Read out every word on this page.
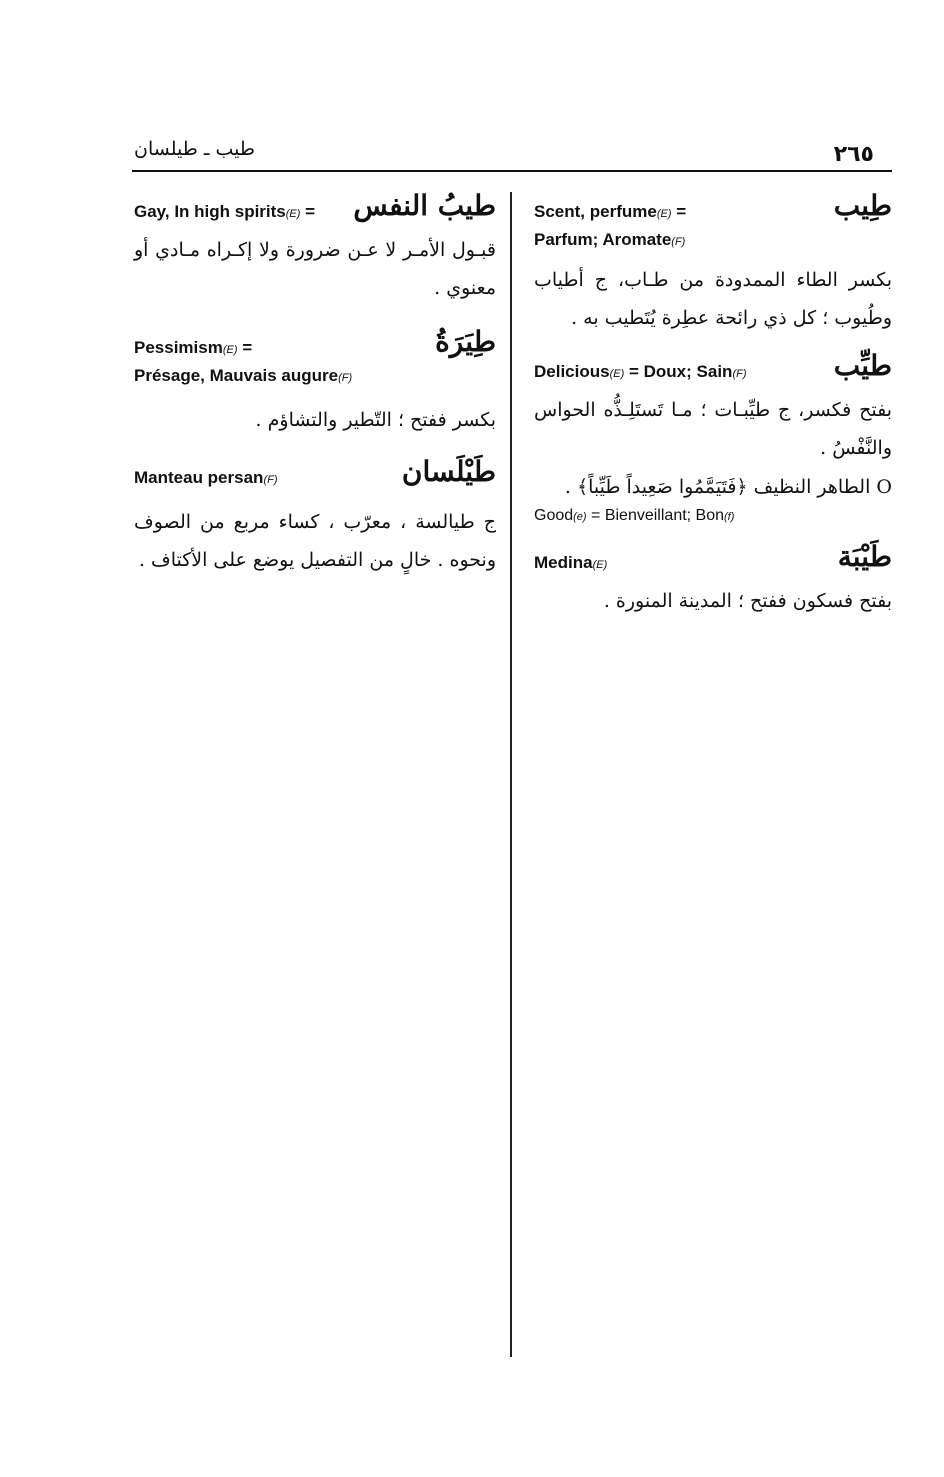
طيب ـ طيلسان	٢٦٥
طِيب
Scent, perfume(E) =
Parfum; Aromate(F)
بكسر الطاء الممدودة من طـاب، ج أطياب وطُيوب ؛ كل ذي رائحة عطِرة يُتَطيب به .
طيِّب
Delicious(E) = Doux; Sain(F)
بفتح فكسر، ج طيِّبـات ؛ مـا تَستَلِـذُّه الحواس والنَّفْسُ .
O الطاهر النظيف ﴿فَتَيَمَّمُوا صَعِيداً طَيِّباً﴾ .
Good(e) = Bienveillant; Bon(f)
طَيْبَة
Medina(E)
بفتح فسكون ففتح ؛ المدينة المنورة .
طيبُ النفس
Gay, In high spirits(E) =
قبـول الأمـر لا عـن ضرورة ولا إكـراه مـادي أو معنوي .
طِيَرَةُ
Pessimism(E) =
Présage, Mauvais augure(F)
بكسر ففتح ؛ التّطير والتشاؤم .
طَيْلَسان
Manteau persan(F)
ج طيالسة ، معرّب ، كساء مربع من الصوف ونحوه . خالٍ من التفصيل يوضع على الأكتاف .
